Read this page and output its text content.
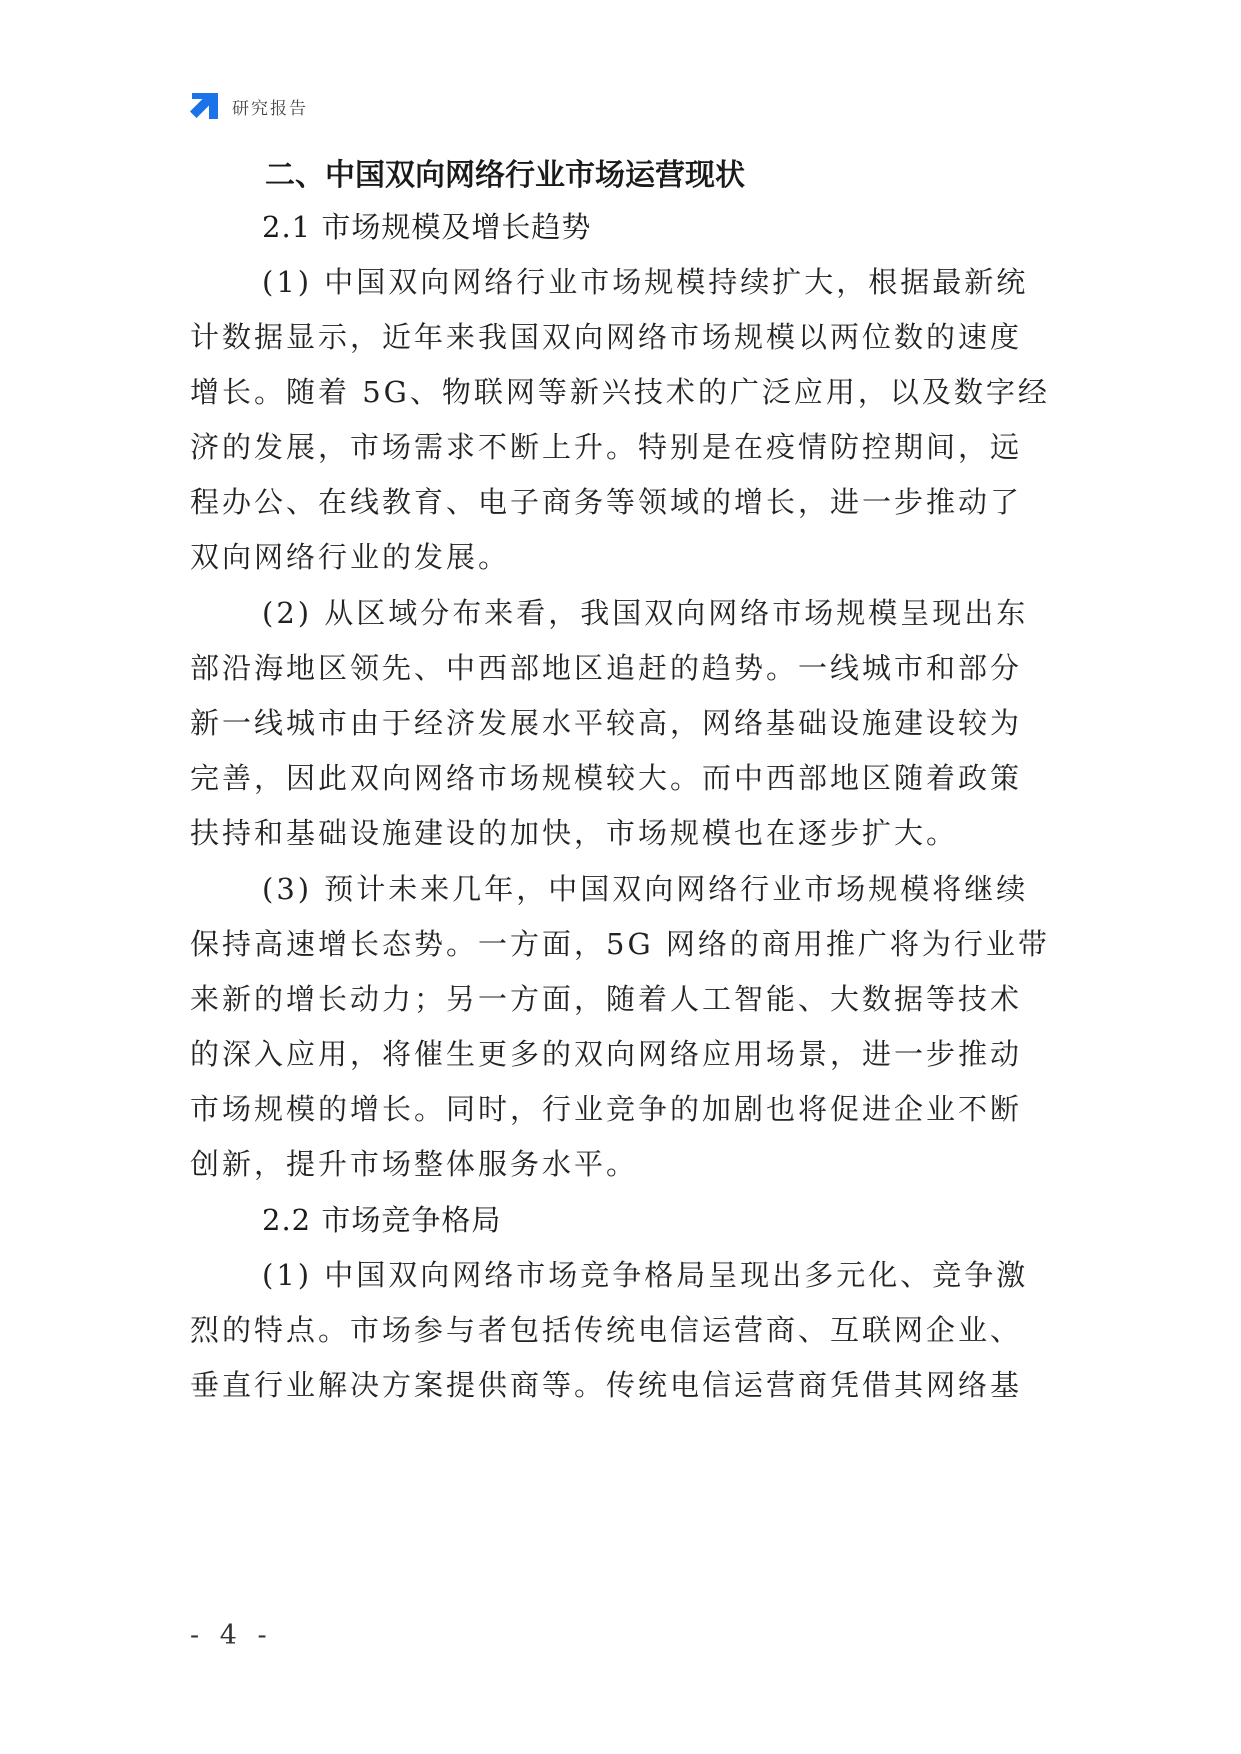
研究报告
二、中国双向网络行业市场运营现状
2.1 市场规模及增长趋势
(1) 中国双向网络行业市场规模持续扩大，根据最新统
计数据显示，近年来我国双向网络市场规模以两位数的速度
增长。随着 5G、物联网等新兴技术的广泛应用，以及数字经
济的发展，市场需求不断上升。特别是在疫情防控期间，远
程办公、在线教育、电子商务等领域的增长，进一步推动了
双向网络行业的发展。
(2) 从区域分布来看，我国双向网络市场规模呈现出东
部沿海地区领先、中西部地区追赶的趋势。一线城市和部分
新一线城市由于经济发展水平较高，网络基础设施建设较为
完善，因此双向网络市场规模较大。而中西部地区随着政策
扶持和基础设施建设的加快，市场规模也在逐步扩大。
(3) 预计未来几年，中国双向网络行业市场规模将继续
保持高速增长态势。一方面，5G 网络的商用推广将为行业带
来新的增长动力；另一方面，随着人工智能、大数据等技术
的深入应用，将催生更多的双向网络应用场景，进一步推动
市场规模的增长。同时，行业竞争的加剧也将促进企业不断
创新，提升市场整体服务水平。
2.2 市场竞争格局
(1) 中国双向网络市场竞争格局呈现出多元化、竞争激
烈的特点。市场参与者包括传统电信运营商、互联网企业、
垂直行业解决方案提供商等。传统电信运营商凭借其网络基
- 4 -
